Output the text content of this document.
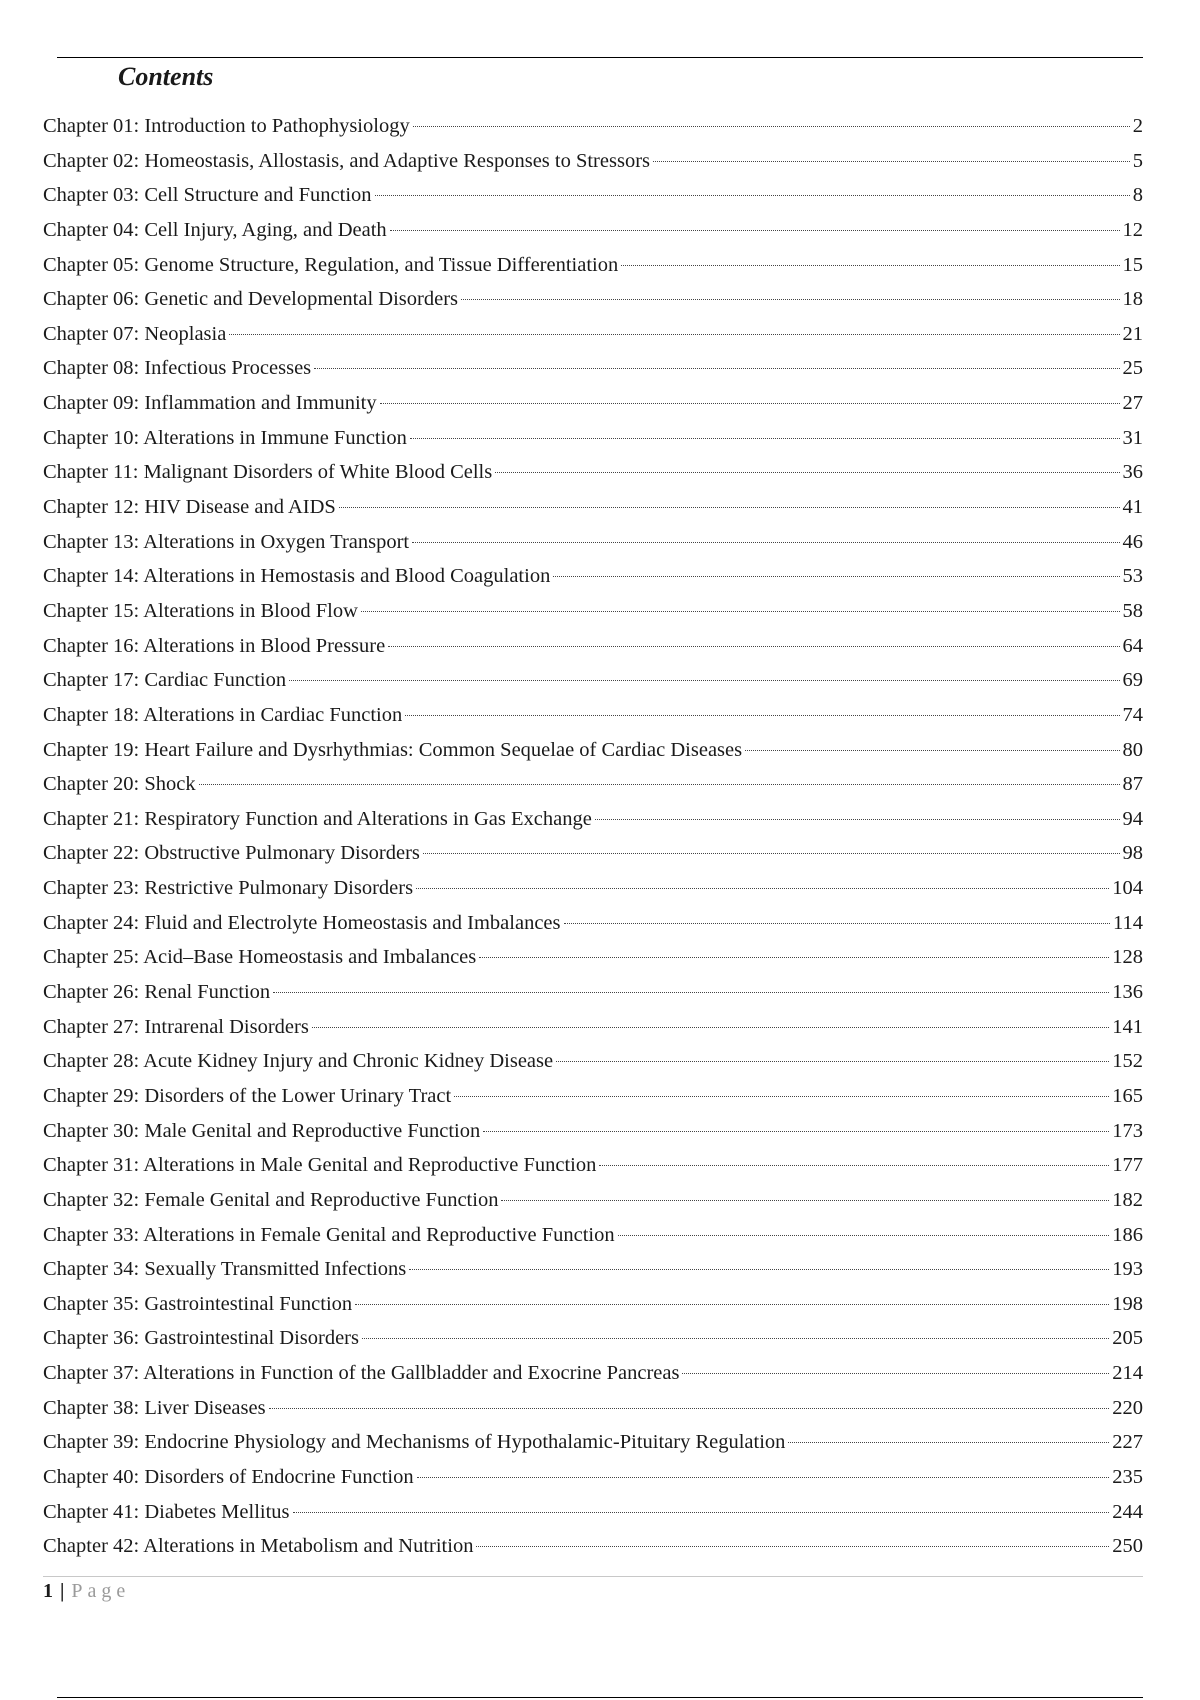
Contents
Chapter 01: Introduction to Pathophysiology	2
Chapter 02: Homeostasis, Allostasis, and Adaptive Responses to Stressors	5
Chapter 03: Cell Structure and Function	8
Chapter 04: Cell Injury, Aging, and Death	12
Chapter 05: Genome Structure, Regulation, and Tissue Differentiation	15
Chapter 06: Genetic and Developmental Disorders	18
Chapter 07: Neoplasia	21
Chapter 08: Infectious Processes	25
Chapter 09: Inflammation and Immunity	27
Chapter 10: Alterations in Immune Function	31
Chapter 11: Malignant Disorders of White Blood Cells	36
Chapter 12: HIV Disease and AIDS	41
Chapter 13: Alterations in Oxygen Transport	46
Chapter 14: Alterations in Hemostasis and Blood Coagulation	53
Chapter 15: Alterations in Blood Flow	58
Chapter 16: Alterations in Blood Pressure	64
Chapter 17: Cardiac Function	69
Chapter 18: Alterations in Cardiac Function	74
Chapter 19: Heart Failure and Dysrhythmias: Common Sequelae of Cardiac Diseases	80
Chapter 20: Shock	87
Chapter 21: Respiratory Function and Alterations in Gas Exchange	94
Chapter 22: Obstructive Pulmonary Disorders	98
Chapter 23: Restrictive Pulmonary Disorders	104
Chapter 24: Fluid and Electrolyte Homeostasis and Imbalances	114
Chapter 25: Acid–Base Homeostasis and Imbalances	128
Chapter 26: Renal Function	136
Chapter 27: Intrarenal Disorders	141
Chapter 28: Acute Kidney Injury and Chronic Kidney Disease	152
Chapter 29: Disorders of the Lower Urinary Tract	165
Chapter 30: Male Genital and Reproductive Function	173
Chapter 31: Alterations in Male Genital and Reproductive Function	177
Chapter 32: Female Genital and Reproductive Function	182
Chapter 33: Alterations in Female Genital and Reproductive Function	186
Chapter 34: Sexually Transmitted Infections	193
Chapter 35: Gastrointestinal Function	198
Chapter 36: Gastrointestinal Disorders	205
Chapter 37: Alterations in Function of the Gallbladder and Exocrine Pancreas	214
Chapter 38: Liver Diseases	220
Chapter 39: Endocrine Physiology and Mechanisms of Hypothalamic-Pituitary Regulation	227
Chapter 40: Disorders of Endocrine Function	235
Chapter 41: Diabetes Mellitus	244
Chapter 42: Alterations in Metabolism and Nutrition	250
1 | Page
